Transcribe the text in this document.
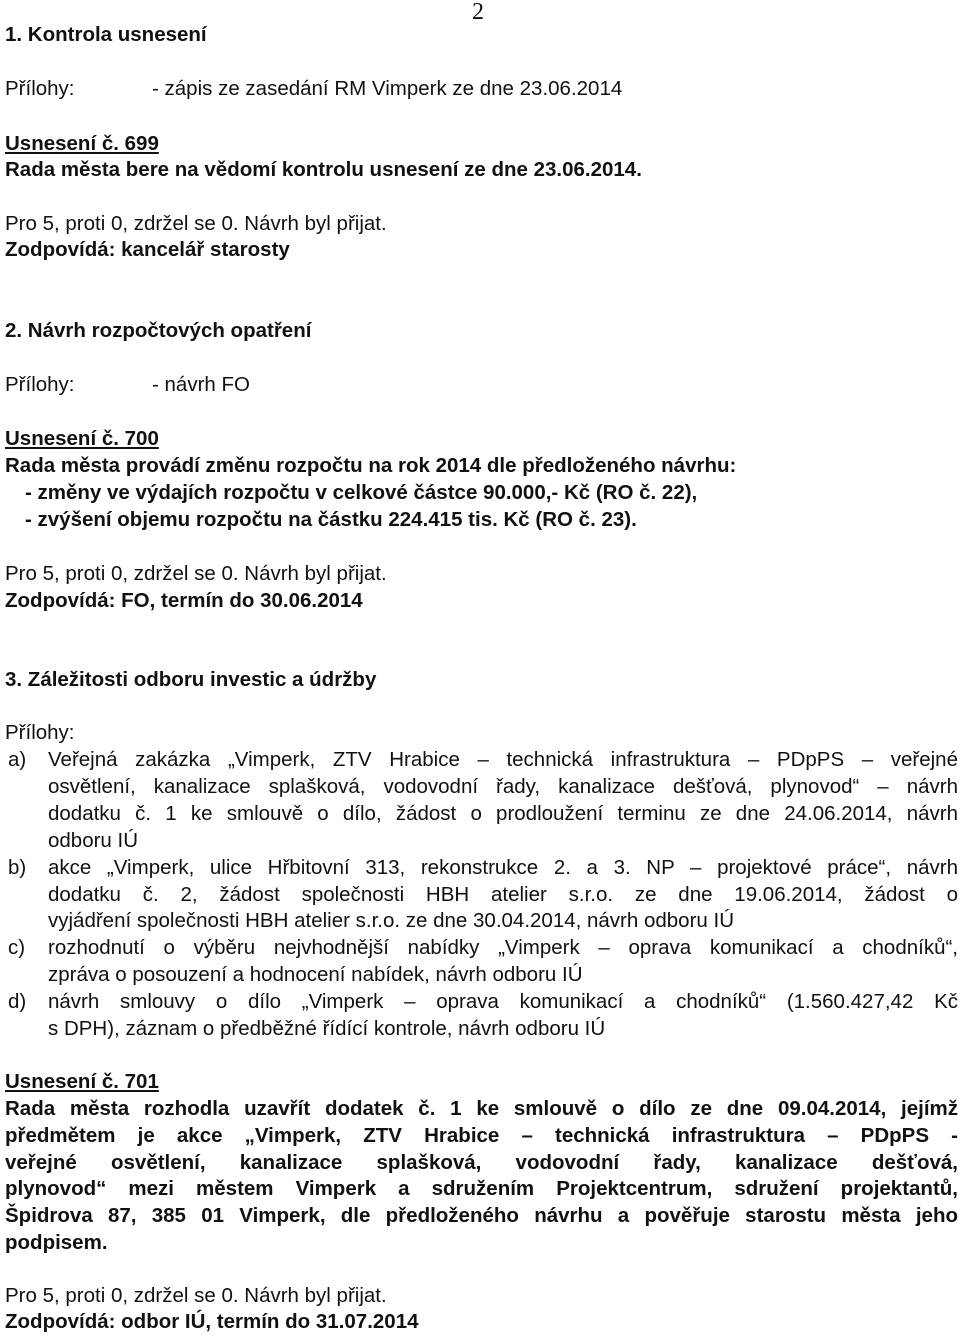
2
1. Kontrola usnesení
Přílohy:	- zápis ze zasedání RM Vimperk ze dne 23.06.2014
Usnesení č. 699
Rada města bere na vědomí kontrolu usnesení ze dne 23.06.2014.
Pro 5, proti 0, zdržel se 0. Návrh byl přijat.
Zodpovídá: kancelář starosty
2. Návrh rozpočtových opatření
Přílohy:	- návrh FO
Usnesení č. 700
Rada města provádí změnu rozpočtu na rok 2014 dle předloženého návrhu:
- změny ve výdajích rozpočtu v celkové částce 90.000,- Kč (RO č. 22),
- zvýšení objemu rozpočtu na částku 224.415 tis. Kč (RO č. 23).
Pro 5, proti 0, zdržel se 0. Návrh byl přijat.
Zodpovídá: FO, termín do 30.06.2014
3. Záležitosti odboru investic a údržby
Přílohy:
a) Veřejná zakázka „Vimperk, ZTV Hrabice – technická infrastruktura – PDpPS – veřejné
osvětlení, kanalizace splašková, vodovodní řady, kanalizace dešťová, plynovod“ – návrh
dodatku č. 1 ke smlouvě o dílo, žádost o prodloužení terminu ze dne 24.06.2014, návrh
odboru IÚ
b) akce „Vimperk, ulice Hřbitovní 313, rekonstrukce 2. a 3. NP – projektové práce“, návrh
dodatku č. 2, žádost společnosti HBH atelier s.r.o. ze dne 19.06.2014, žádost o
vyjádření společnosti HBH atelier s.r.o. ze dne 30.04.2014, návrh odboru IÚ
c) rozhodnutí o výběru nejvhodnější nabídky „Vimperk – oprava komunikací a chodníků“,
zpráva o posouzení a hodnocení nabídek, návrh odboru IÚ
d) návrh smlouvy o dílo „Vimperk – oprava komunikací a chodníků“ (1.560.427,42 Kč
s DPH), záznam o předběžné řídící kontrole, návrh odboru IÚ
Usnesení č. 701
Rada města rozhodla uzavřít dodatek č. 1 ke smlouvě o dílo ze dne 09.04.2014, jejímž
předmětem je akce „Vimperk, ZTV Hrabice – technická infrastruktura – PDpPS -
veřejné osvětlení, kanalizace splašková, vodovodní řady, kanalizace dešťová,
plynovod“ mezi městem Vimperk a sdružením Projektcentrum, sdružení projektantů,
Špidrova 87, 385 01 Vimperk, dle předloženého návrhu a pověřuje starostu města jeho
podpisem.
Pro 5, proti 0, zdržel se 0. Návrh byl přijat.
Zodpovídá: odbor IÚ, termín do 31.07.2014
